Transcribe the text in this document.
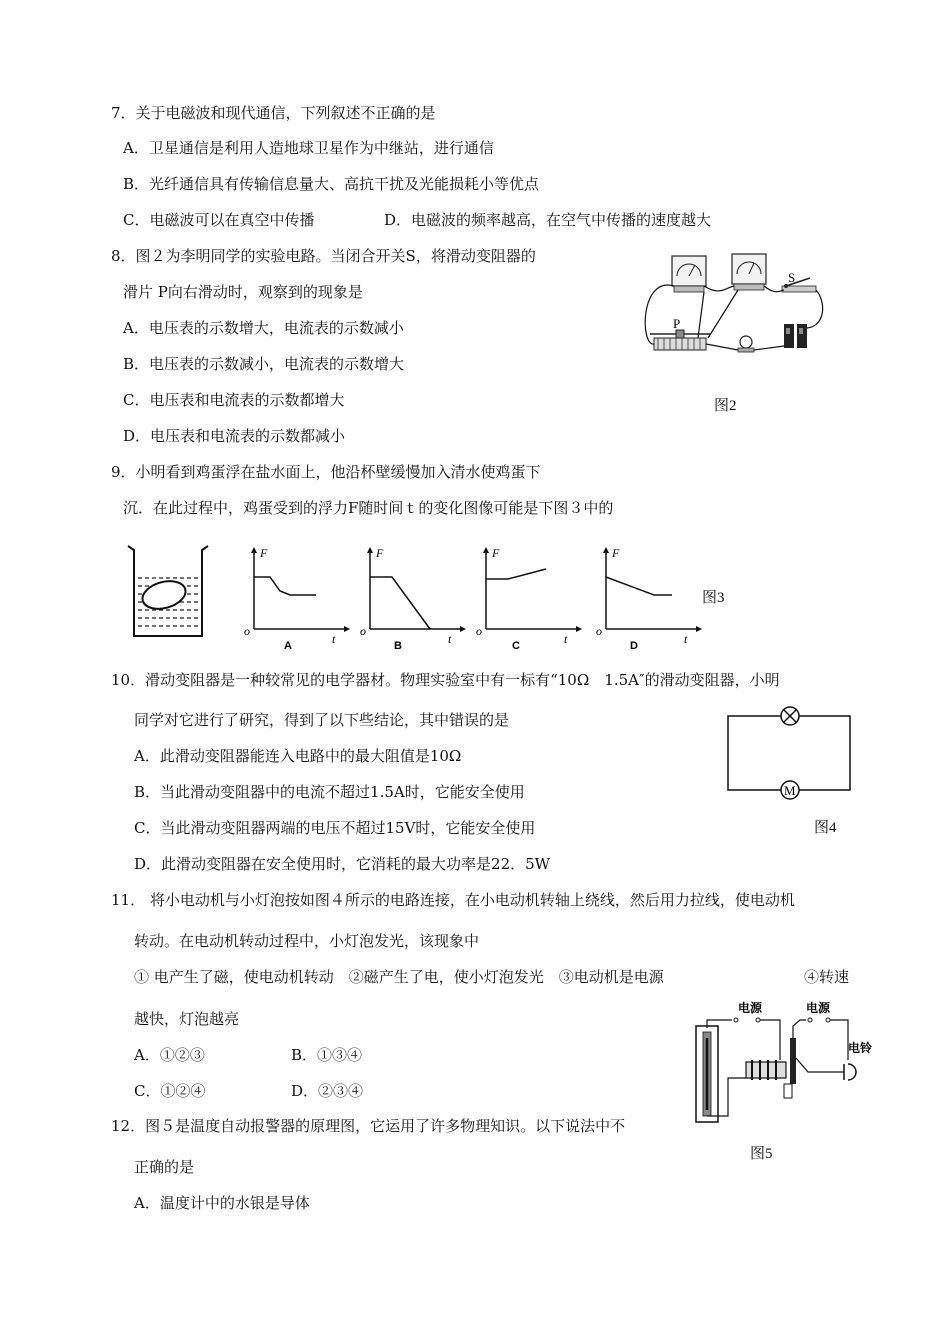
7．关于电磁波和现代通信，下列叙述不正确的是
A．卫星通信是利用人造地球卫星作为中继站，进行通信
B．光纤通信具有传输信息量大、高抗干扰及光能损耗小等优点
C．电磁波可以在真空中传播	D．电磁波的频率越高，在空气中传播的速度越大
8．图２为李明同学的实验电路。当闭合开关S，将滑动变阻器的
滑片 P向右滑动时，观察到的现象是
A．电压表的示数增大，电流表的示数减小
B．电压表的示数减小，电流表的示数增大
C．电压表和电流表的示数都增大
D．电压表和电流表的示数都减小
S
P
图2
9．小明看到鸡蛋浮在盐水面上，他沿杯壁缓慢加入清水使鸡蛋下
沉．在此过程中，鸡蛋受到的浮力F随时间ｔ的变化图像可能是下图３中的
F
t
o
A
F
t
o
B
F
t
o
C
F
t
o
D
图3
10．滑动变阻器是一种较常见的电学器材。物理实验室中有一标有“10Ω　1.5A″的滑动变阻器，小明
同学对它进行了研究，得到了以下些结论，其中错误的是
A．此滑动变阻器能连入电路中的最大阻值是10Ω
B．当此滑动变阻器中的电流不超过1.5A时，它能安全使用
C．当此滑动变阻器两端的电压不超过15V时，它能安全使用
D．此滑动变阻器在安全使用时，它消耗的最大功率是22．5W
M
图4
11． 将小电动机与小灯泡按如图４所示的电路连接，在小电动机转轴上绕线，然后用力拉线，使电动机
转动。在电动机转动过程中，小灯泡发光，该现象中
① 电产生了磁，使电动机转动　②磁产生了电，使小灯泡发光　③电动机是电源	④转速
越快，灯泡越亮
A．①②③	B．①③④
C．①②④	D．②③④
电源	电源
电铃
图5
12．图５是温度自动报警器的原理图，它运用了许多物理知识。以下说法中不
正确的是
A．温度计中的水银是导体
